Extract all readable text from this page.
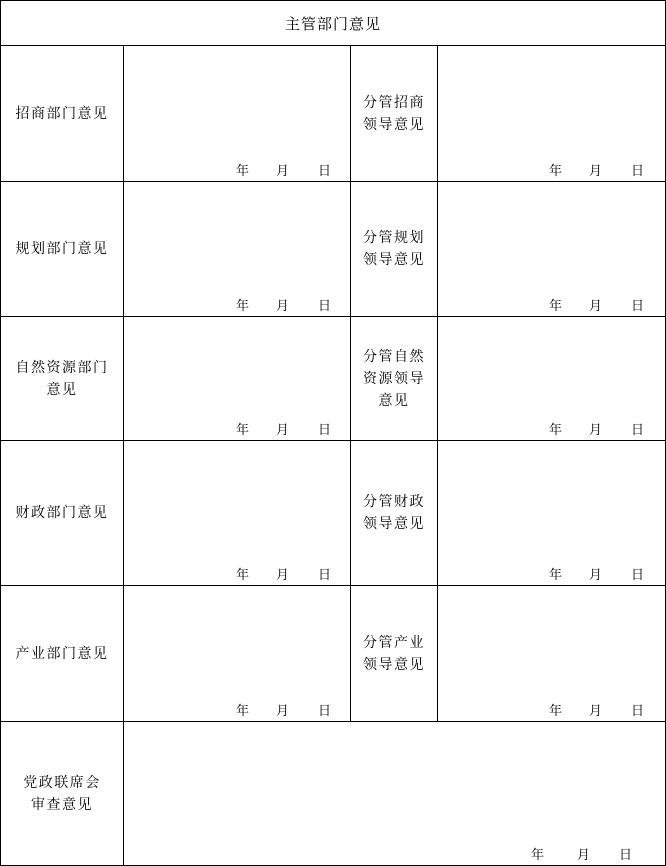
主管部门意见			

招商部门意见	年 月 日	分管招商领导意见	年 月 日

规划部门意见	年 月 日	分管规划领导意见	年 月 日

自然资源部门意见	年 月 日	分管自然资源领导意见	年 月 日

财政部门意见	年 月 日	分管财政领导意见	年 月 日

产业部门意见	年 月 日	分管产业领导意见	年 月 日

党政联席会审查意见	年 月 日		
